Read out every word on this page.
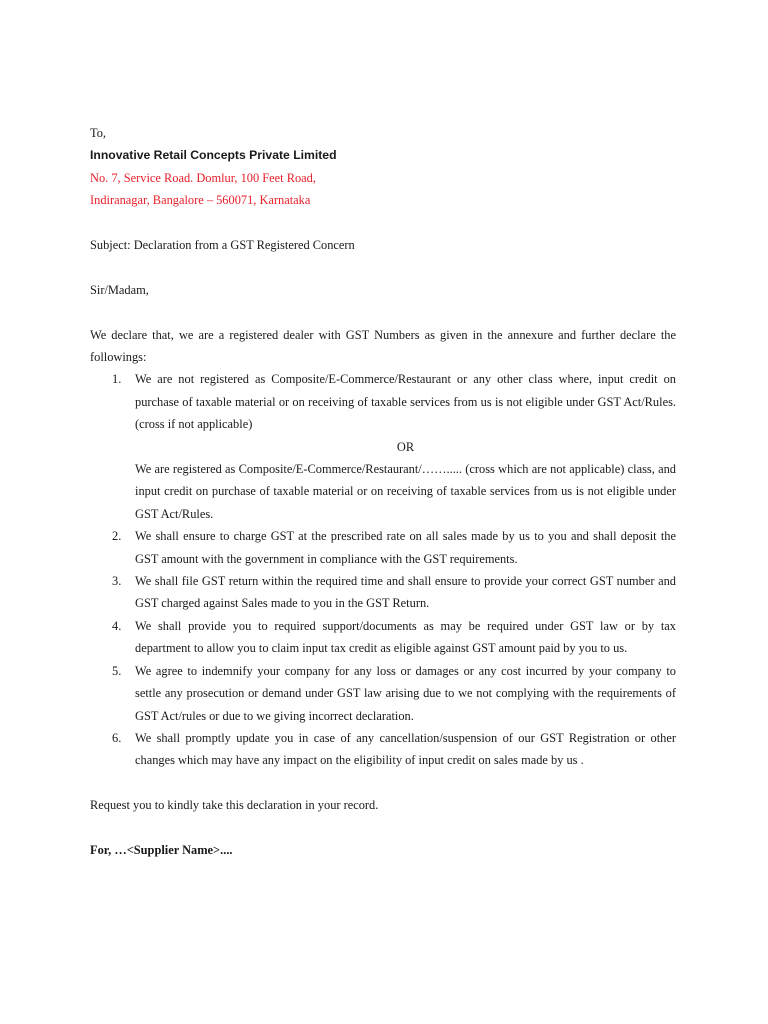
To,
Innovative Retail Concepts Private Limited
No. 7, Service Road. Domlur, 100 Feet Road,
Indiranagar, Bangalore – 560071, Karnataka
Subject: Declaration from a GST Registered Concern
Sir/Madam,
We declare that, we are a registered dealer with GST Numbers as given in the annexure and further declare the followings:
1. We are not registered as Composite/E-Commerce/Restaurant or any other class where, input credit on purchase of taxable material or on receiving of taxable services from us is not eligible under GST Act/Rules. (cross if not applicable)
OR
We are registered as Composite/E-Commerce/Restaurant/……..... (cross which are not applicable) class, and input credit on purchase of taxable material or on receiving of taxable services from us is not eligible under GST Act/Rules.
2. We shall ensure to charge GST at the prescribed rate on all sales made by us to you and shall deposit the GST amount with the government in compliance with the GST requirements.
3. We shall file GST return within the required time and shall ensure to provide your correct GST number and GST charged against Sales made to you in the GST Return.
4. We shall provide you to required support/documents as may be required under GST law or by tax department to allow you to claim input tax credit as eligible against GST amount paid by you to us.
5. We agree to indemnify your company for any loss or damages or any cost incurred by your company to settle any prosecution or demand under GST law arising due to we not complying with the requirements of GST Act/rules or due to we giving incorrect declaration.
6. We shall promptly update you in case of any cancellation/suspension of our GST Registration or other changes which may have any impact on the eligibility of input credit on sales made by us .
Request you to kindly take this declaration in your record.
For, …<Supplier Name>....
